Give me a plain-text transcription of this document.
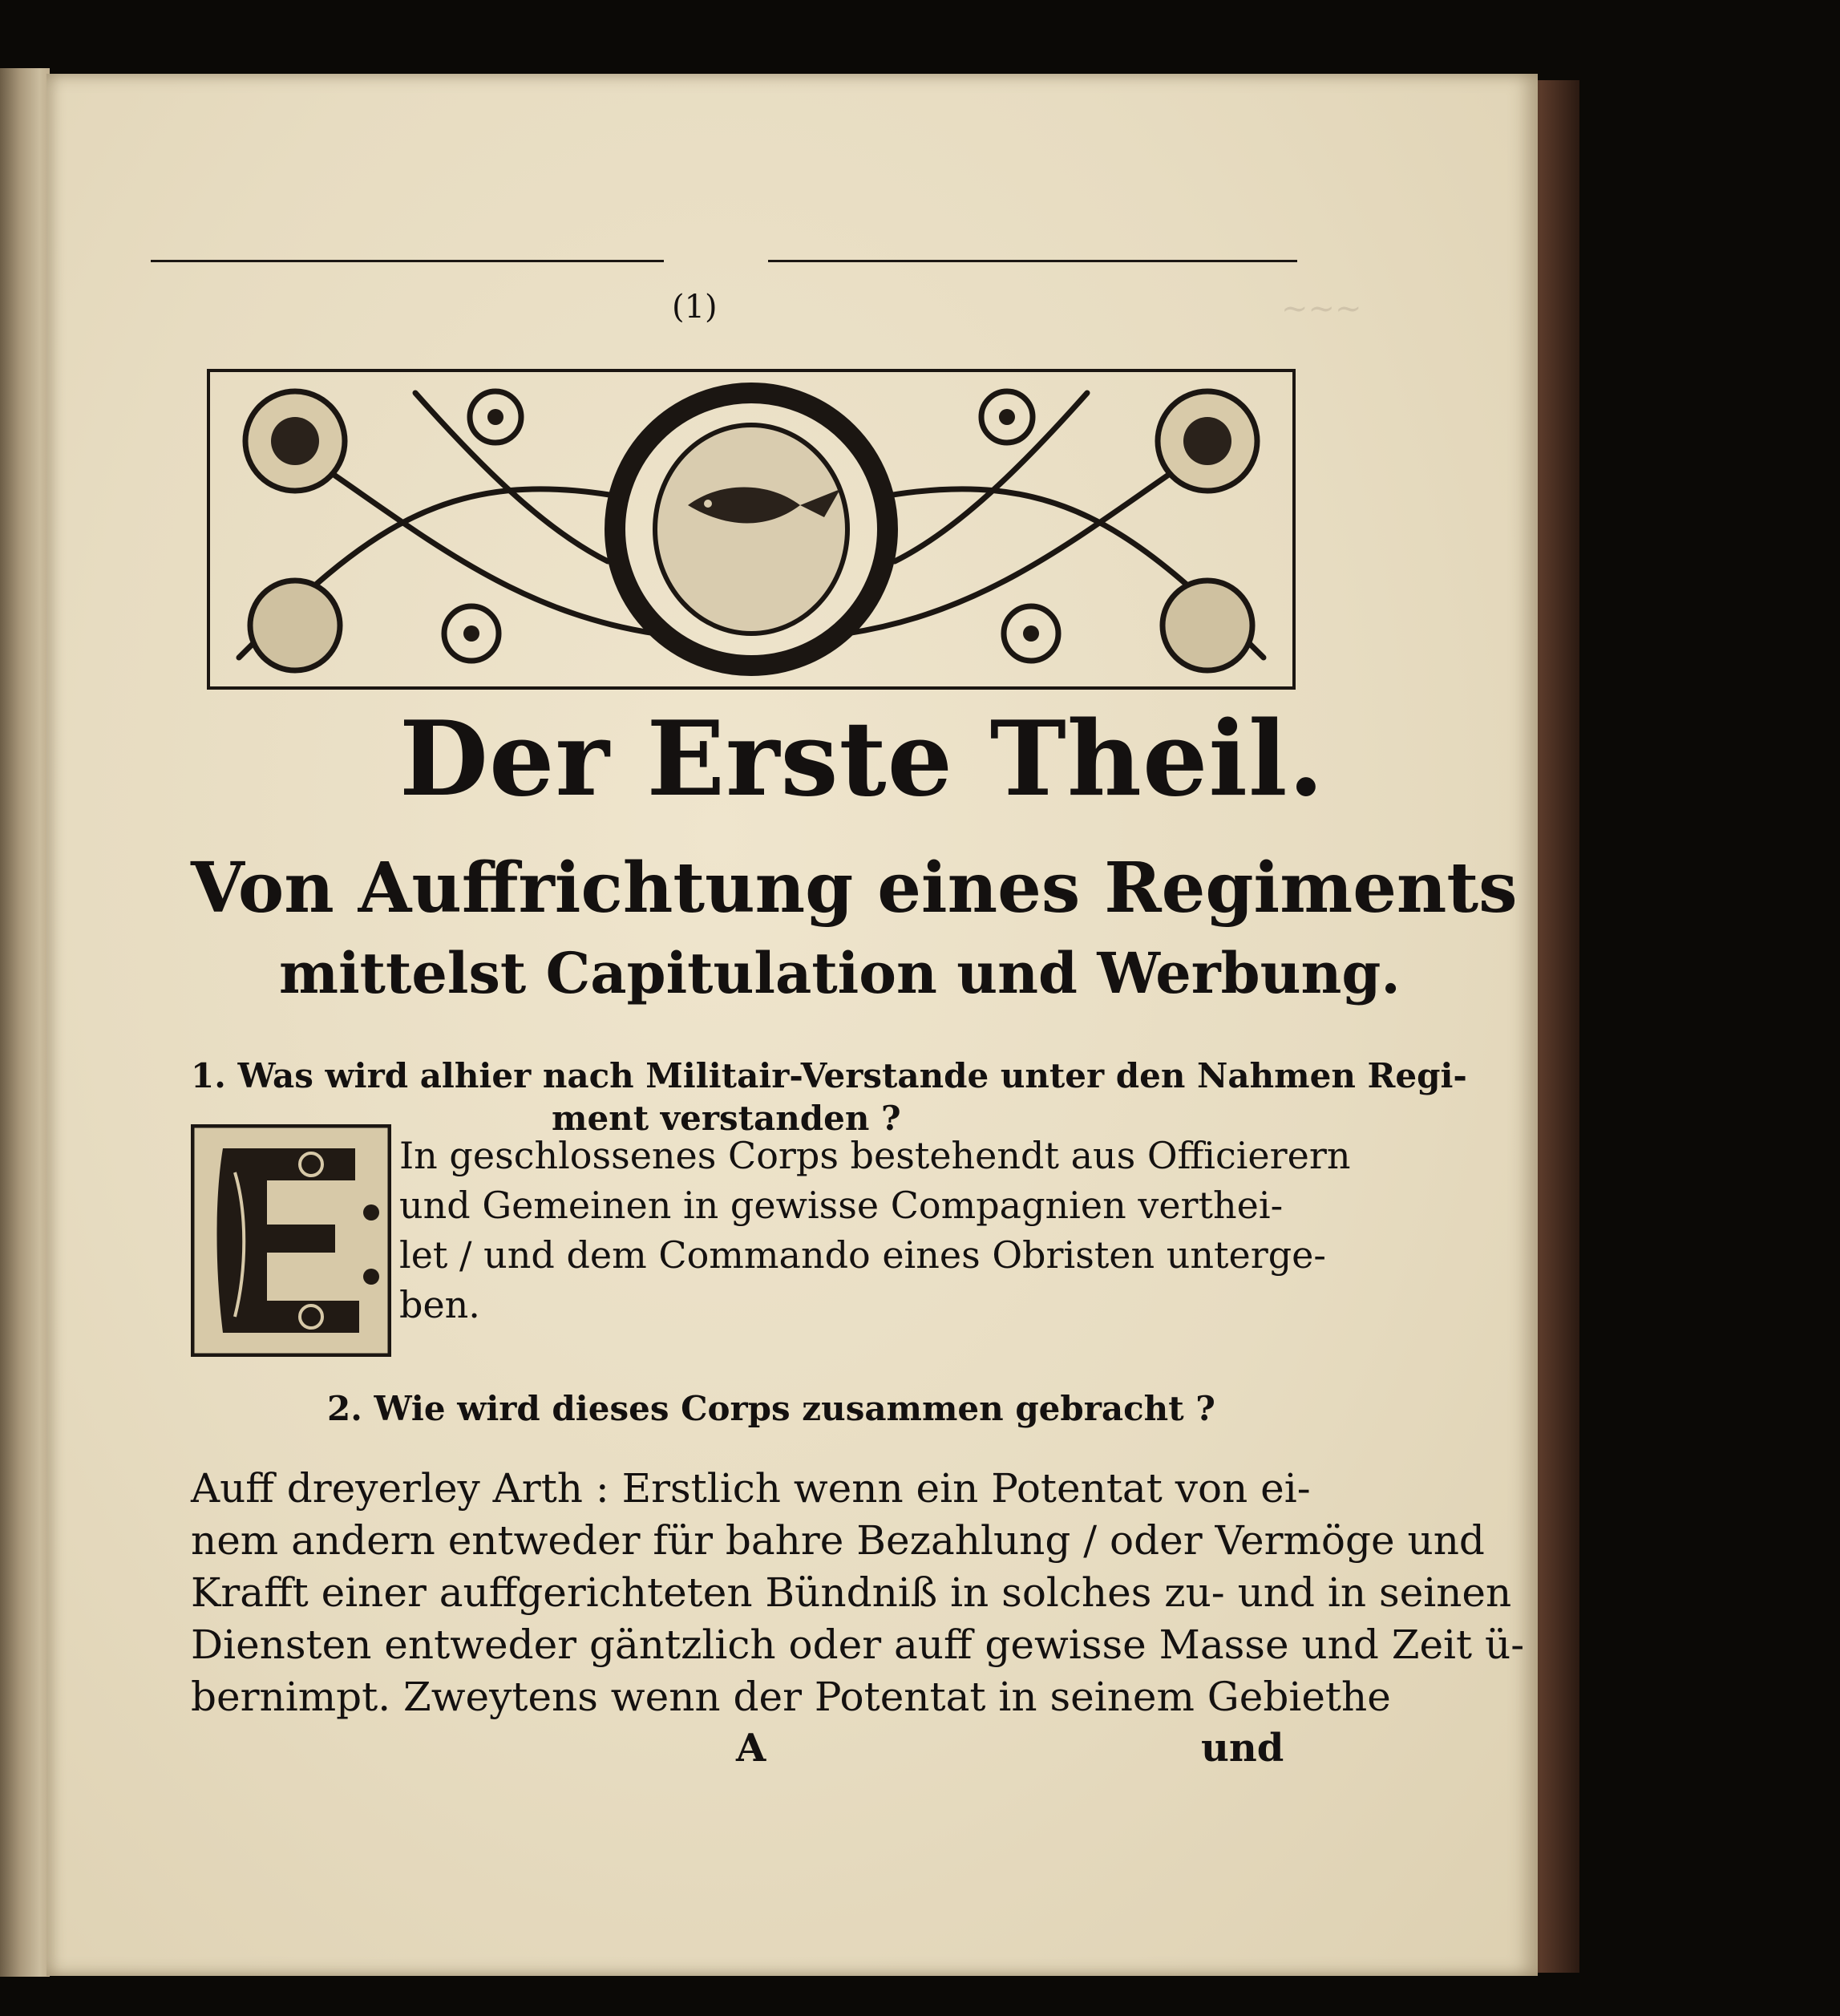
~~~
(1)
Der Erste Theil.
Von Auffrichtung eines Regiments
mittelst Capitulation und Werbung.
1. Was wird alhier nach Militair-Verstande unter den Nahmen Regi-
ment verstanden ?
In geschlossenes Corps bestehendt aus Officierern
und Gemeinen in gewisse Compagnien verthei-
let / und dem Commando eines Obristen unterge-
ben.
2. Wie wird dieses Corps zusammen gebracht ?
Auff dreyerley Arth : Erstlich wenn ein Potentat von ei-
nem andern entweder für bahre Bezahlung / oder Vermöge und
Krafft einer auffgerichteten Bündniß in solches zu- und in seinen
Diensten entweder gäntzlich oder auff gewisse Masse und Zeit ü-
bernimpt. Zweytens wenn der Potentat in seinem Gebiethe
A	und
